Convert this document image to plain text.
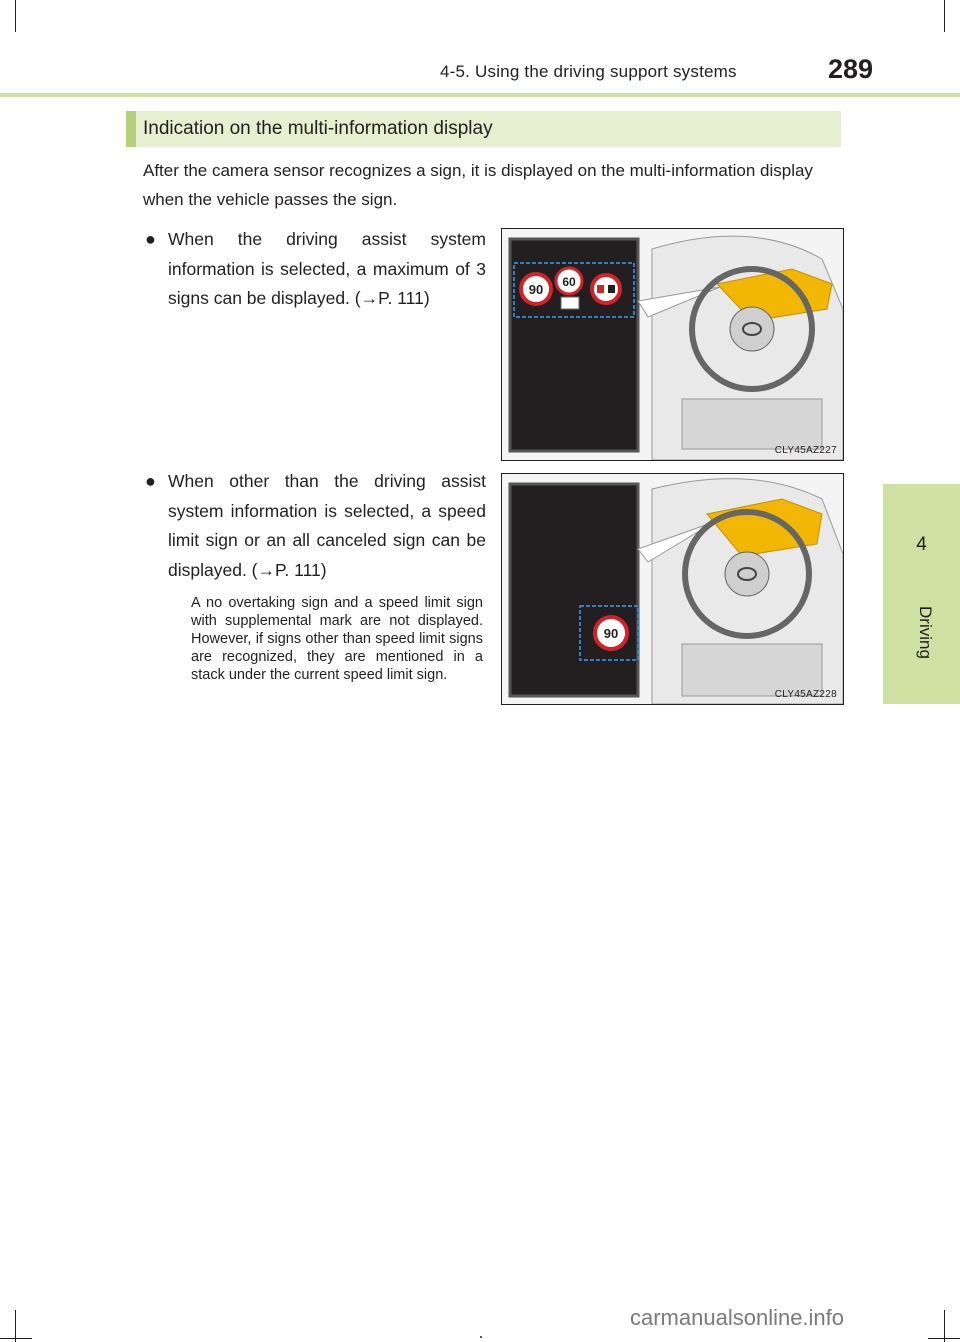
4-5. Using the driving support systems	289
4
Driving
Indication on the multi-information display
After the camera sensor recognizes a sign, it is displayed on the multi-information display when the vehicle passes the sign.
● When the driving assist system information is selected, a maximum of 3 signs can be displayed. (→P. 111)
● When other than the driving assist system information is selected, a speed limit sign or an all canceled sign can be displayed. (→P. 111)
A no overtaking sign and a speed limit sign with supplemental mark are not displayed. However, if signs other than speed limit signs are recognized, they are mentioned in a stack under the current speed limit sign.
90 60
CLY45AZ227
90
CLY45AZ228
carmanualsonline.info
